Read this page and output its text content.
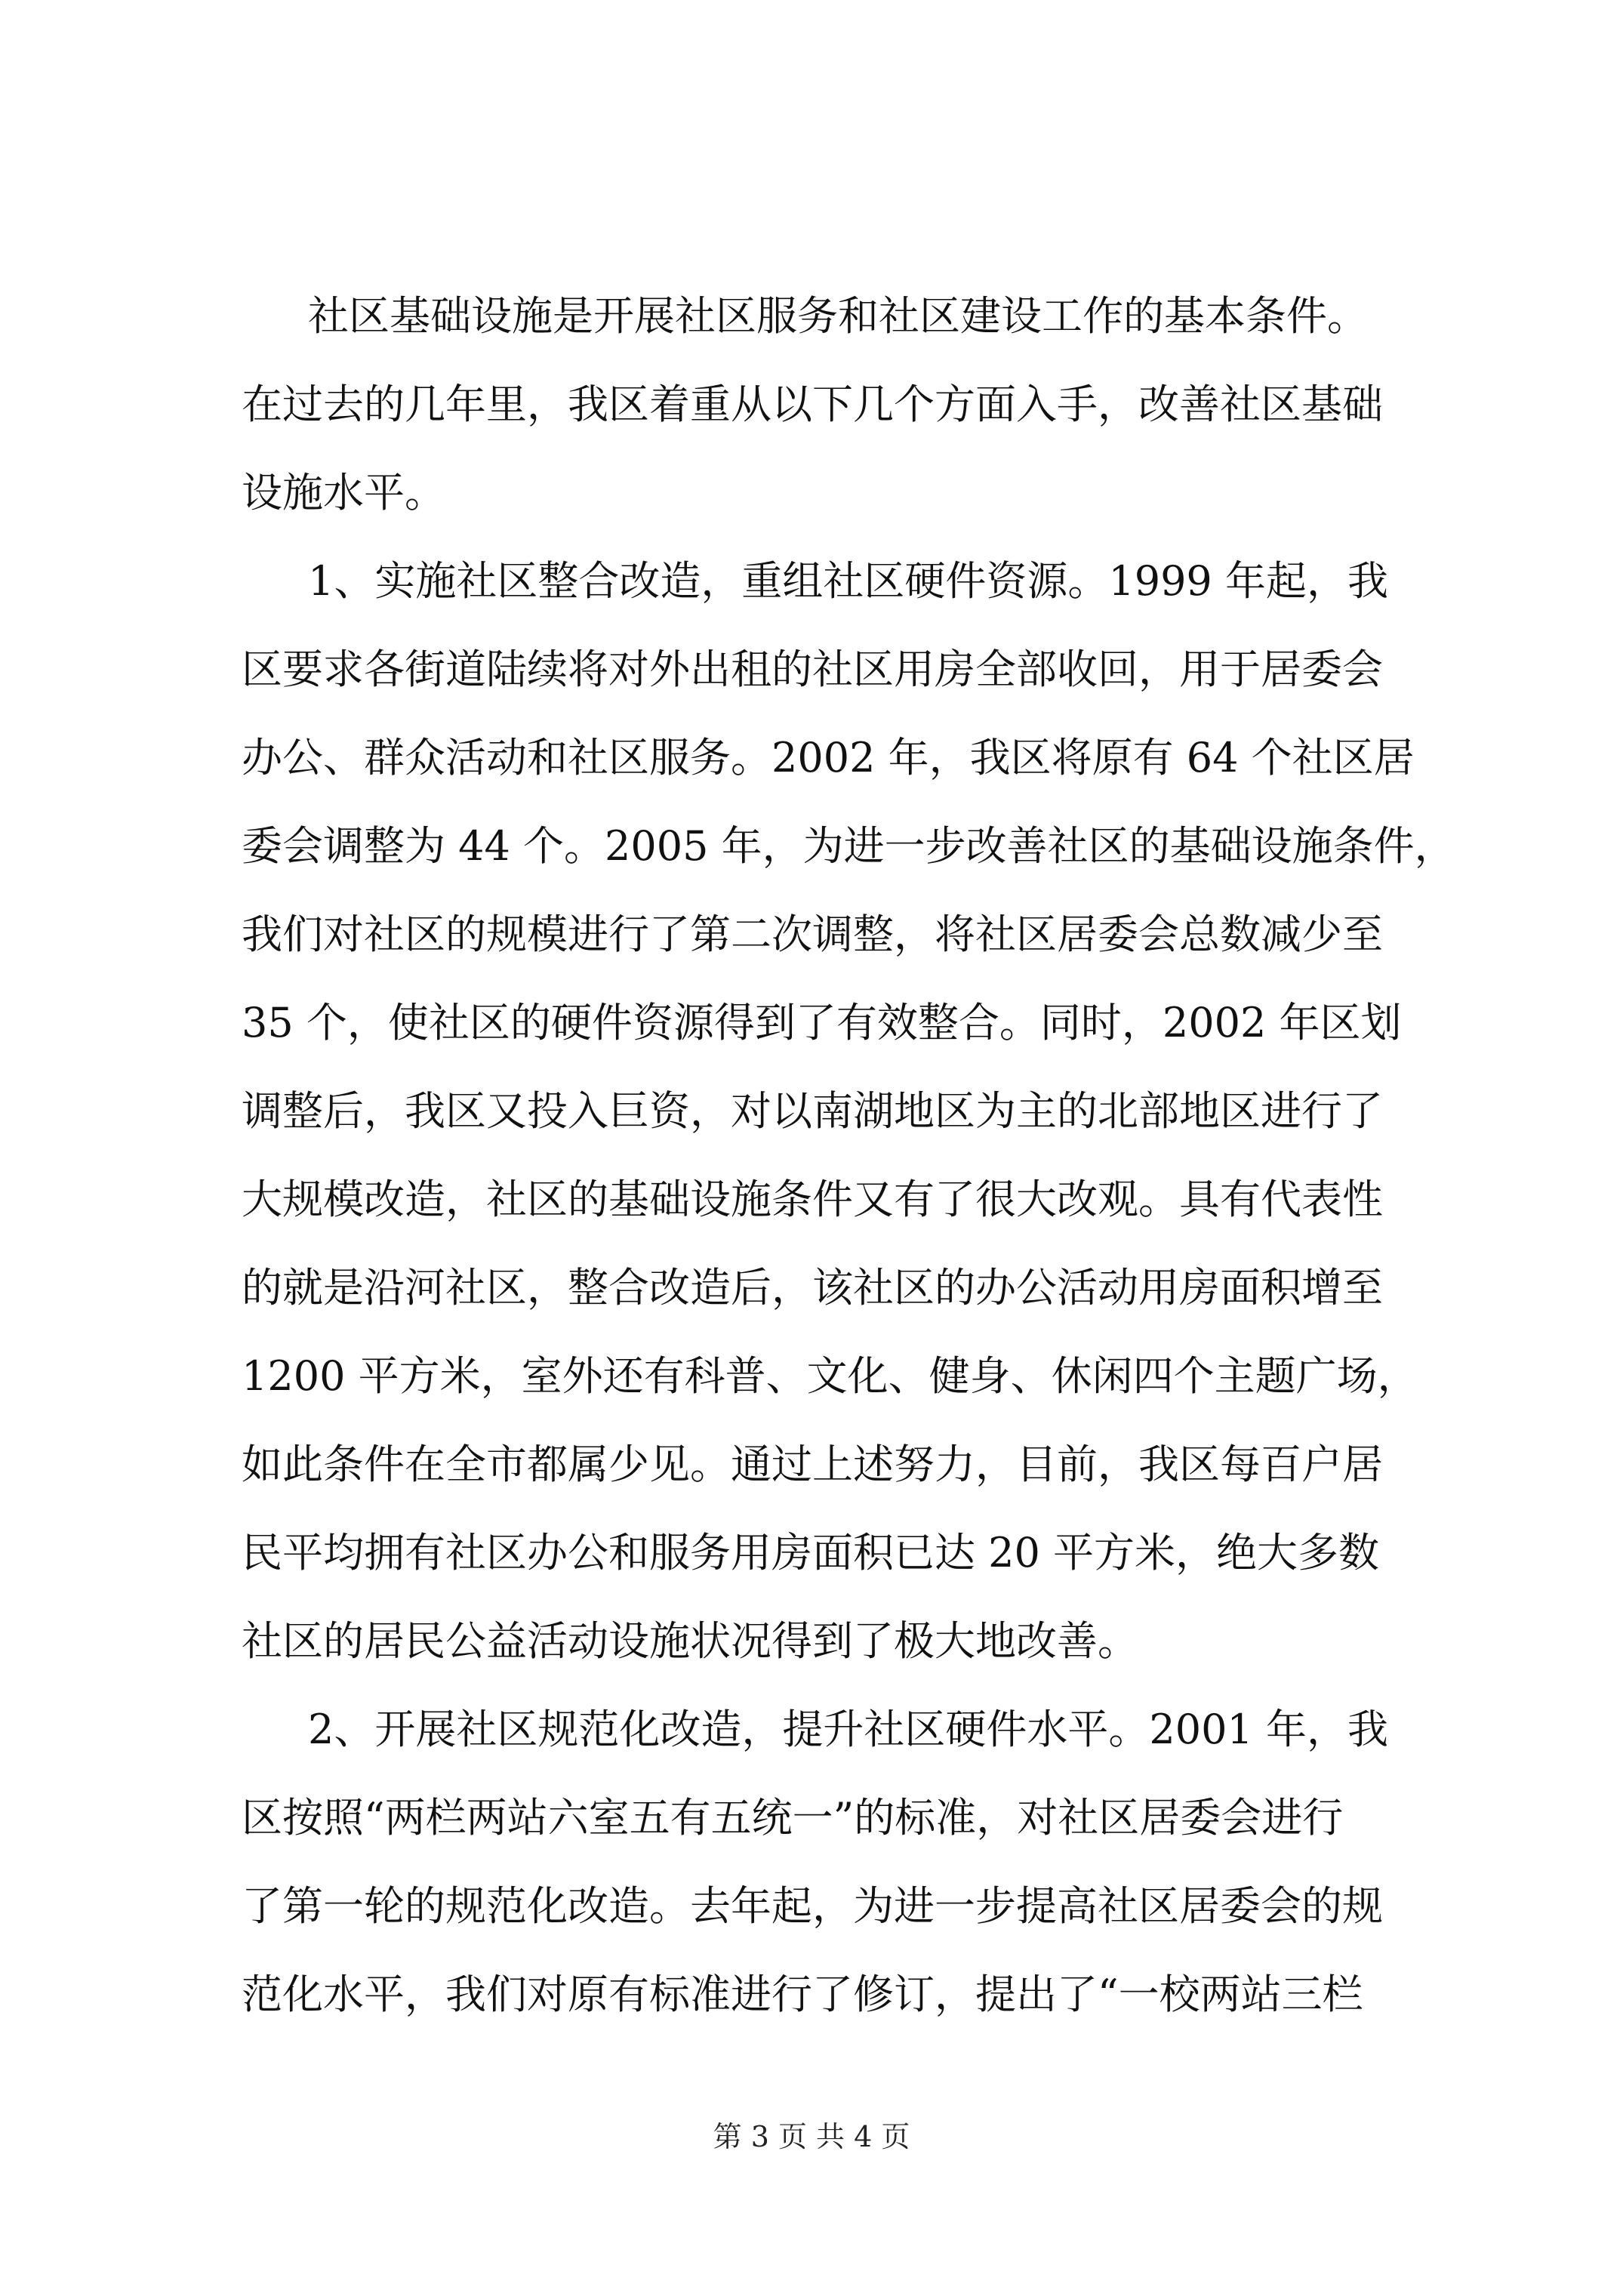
社区基础设施是开展社区服务和社区建设工作的基本条件。
在过去的几年里，我区着重从以下几个方面入手，改善社区基础
设施水平。

1、实施社区整合改造，重组社区硬件资源。1999 年起，我
区要求各街道陆续将对外出租的社区用房全部收回，用于居委会
办公、群众活动和社区服务。2002 年，我区将原有 64 个社区居
委会调整为 44 个。2005 年，为进一步改善社区的基础设施条件，
我们对社区的规模进行了第二次调整，将社区居委会总数减少至
35 个，使社区的硬件资源得到了有效整合。同时，2002 年区划
调整后，我区又投入巨资，对以南湖地区为主的北部地区进行了
大规模改造，社区的基础设施条件又有了很大改观。具有代表性
的就是沿河社区，整合改造后，该社区的办公活动用房面积增至
1200 平方米，室外还有科普、文化、健身、休闲四个主题广场，
如此条件在全市都属少见。通过上述努力，目前，我区每百户居
民平均拥有社区办公和服务用房面积已达 20 平方米，绝大多数
社区的居民公益活动设施状况得到了极大地改善。

2、开展社区规范化改造，提升社区硬件水平。2001 年，我
区按照“两栏两站六室五有五统一”的标准，对社区居委会进行
了第一轮的规范化改造。去年起，为进一步提高社区居委会的规
范化水平，我们对原有标准进行了修订，提出了“一校两站三栏

第 3 页 共 4 页
